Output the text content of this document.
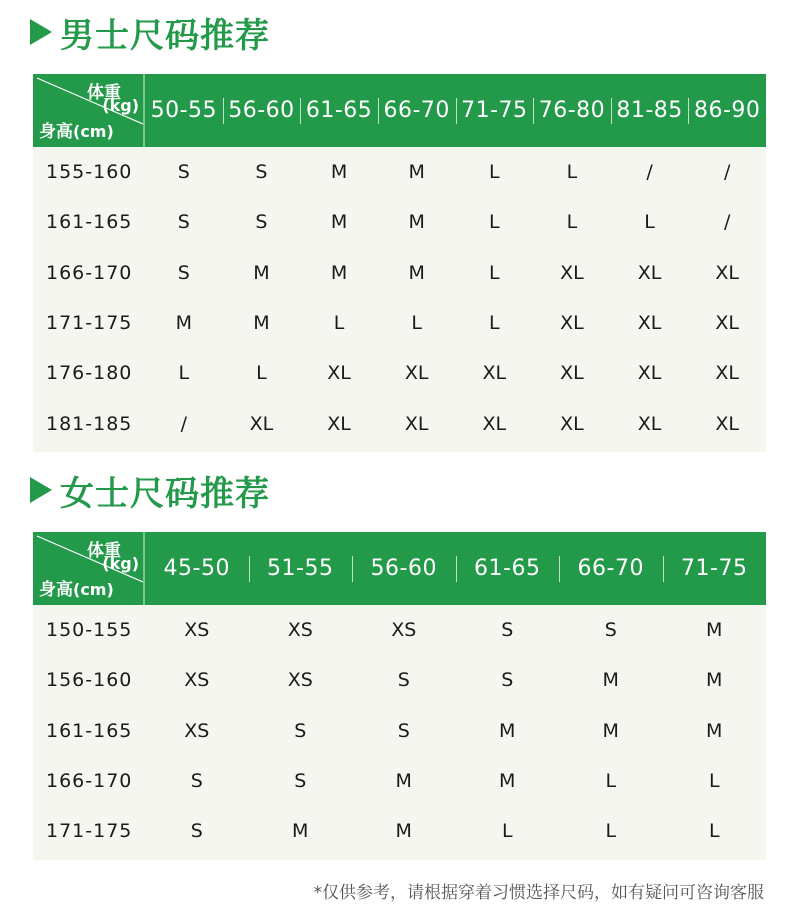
男士尺码推荐
体重
(kg)
身高(cm)
50-55 56-60 61-65 66-70 71-75 76-80 81-85 86-90
155-160	S	S	M	M	L	L	/	/
161-165	S	S	M	M	L	L	L	/
166-170	S	M	M	M	L	XL	XL	XL
171-175	M	M	L	L	L	XL	XL	XL
176-180	L	L	XL	XL	XL	XL	XL	XL
181-185	/	XL	XL	XL	XL	XL	XL	XL
女士尺码推荐
体重
(kg)
身高(cm)
45-50	51-55	56-60	61-65	66-70	71-75
150-155	XS	XS	XS	S	S	M
156-160	XS	XS	S	S	M	M
161-165	XS	S	S	M	M	M
166-170	S	S	M	M	L	L
171-175	S	M	M	L	L	L
*仅供参考，请根据穿着习惯选择尺码，如有疑问可咨询客服
